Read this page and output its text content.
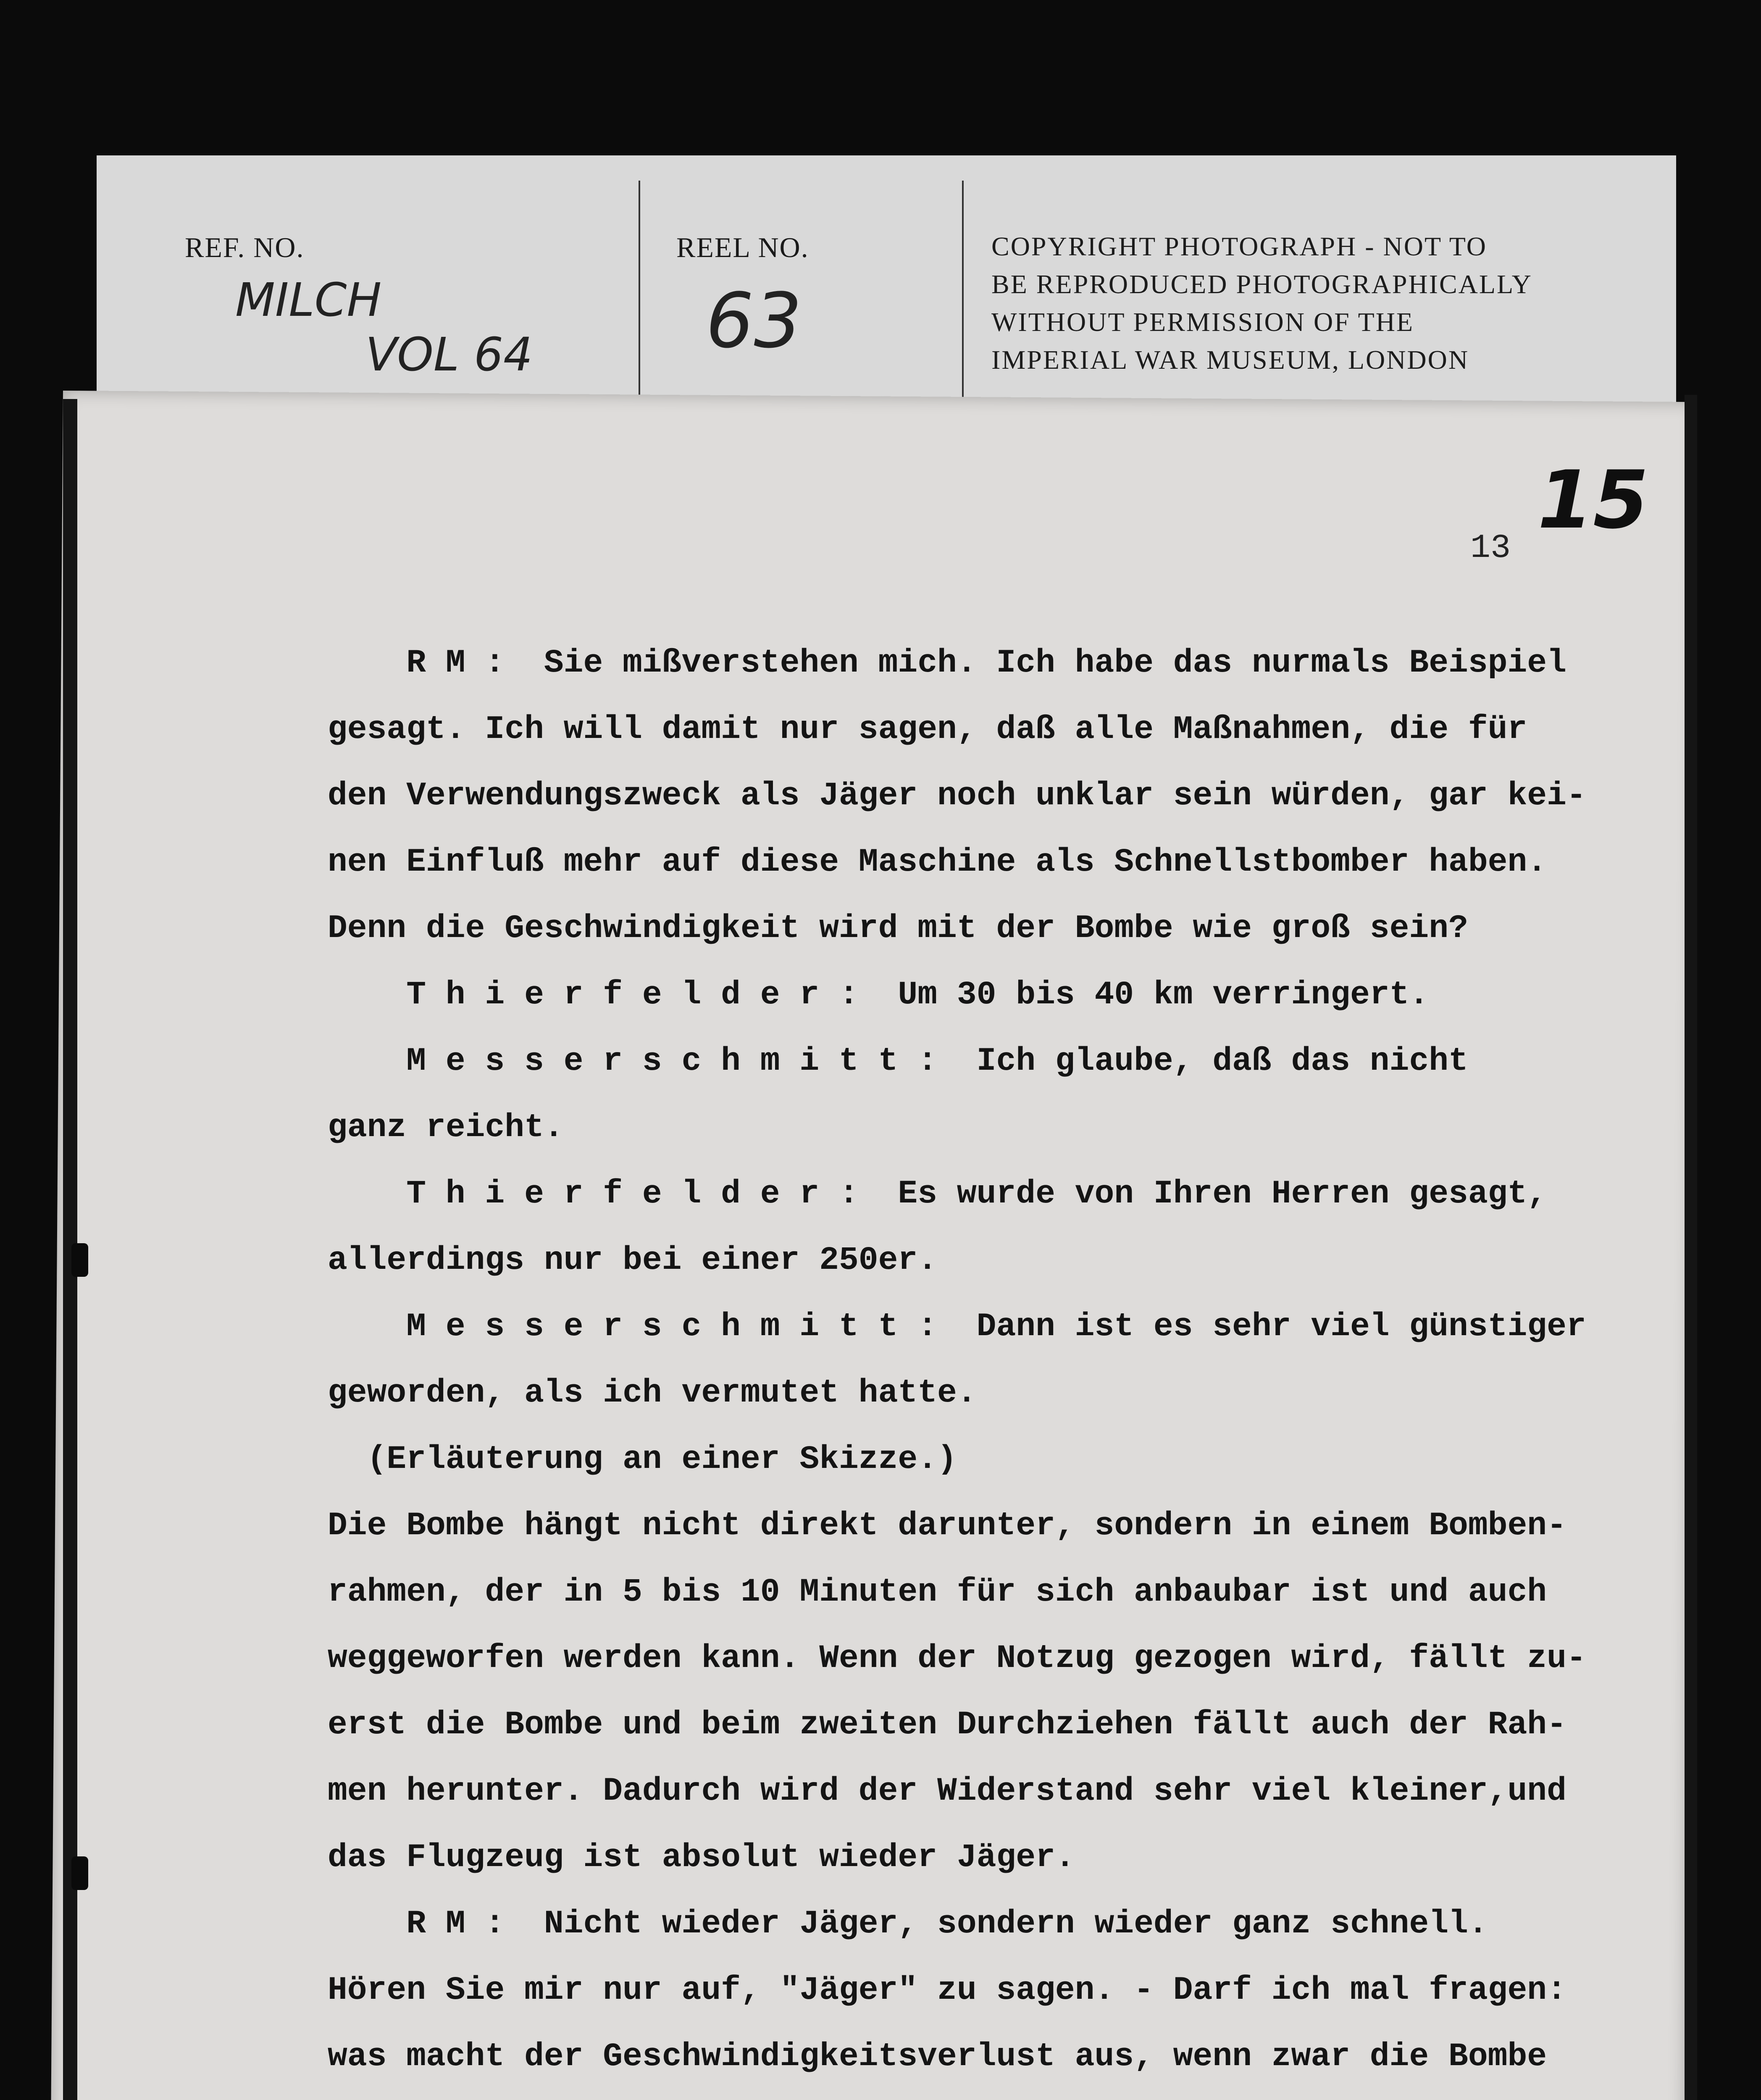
REF. NO.
MILCH
VOL 64
REEL NO.
63
COPYRIGHT PHOTOGRAPH - NOT TO
BE REPRODUCED PHOTOGRAPHICALLY
WITHOUT PERMISSION OF THE
IMPERIAL WAR MUSEUM, LONDON
15
13
R M :  Sie mißverstehen mich. Ich habe das nurmals Beispiel
gesagt. Ich will damit nur sagen, daß alle Maßnahmen, die für
den Verwendungszweck als Jäger noch unklar sein würden, gar kei-
nen Einfluß mehr auf diese Maschine als Schnellstbomber haben.
Denn die Geschwindigkeit wird mit der Bombe wie groß sein?
T h i e r f e l d e r :  Um 30 bis 40 km verringert.
M e s s e r s c h m i t t :  Ich glaube, daß das nicht
ganz reicht.
T h i e r f e l d e r :  Es wurde von Ihren Herren gesagt,
allerdings nur bei einer 250er.
M e s s e r s c h m i t t :  Dann ist es sehr viel günstiger
geworden, als ich vermutet hatte.
(Erläuterung an einer Skizze.)
Die Bombe hängt nicht direkt darunter, sondern in einem Bomben-
rahmen, der in 5 bis 10 Minuten für sich anbaubar ist und auch
weggeworfen werden kann. Wenn der Notzug gezogen wird, fällt zu-
erst die Bombe und beim zweiten Durchziehen fällt auch der Rah-
men herunter. Dadurch wird der Widerstand sehr viel kleiner,und
das Flugzeug ist absolut wieder Jäger.
R M :  Nicht wieder Jäger, sondern wieder ganz schnell.
Hören Sie mir nur auf, "Jäger" zu sagen. - Darf ich mal fragen:
was macht der Geschwindigkeitsverlust aus, wenn zwar die Bombe
